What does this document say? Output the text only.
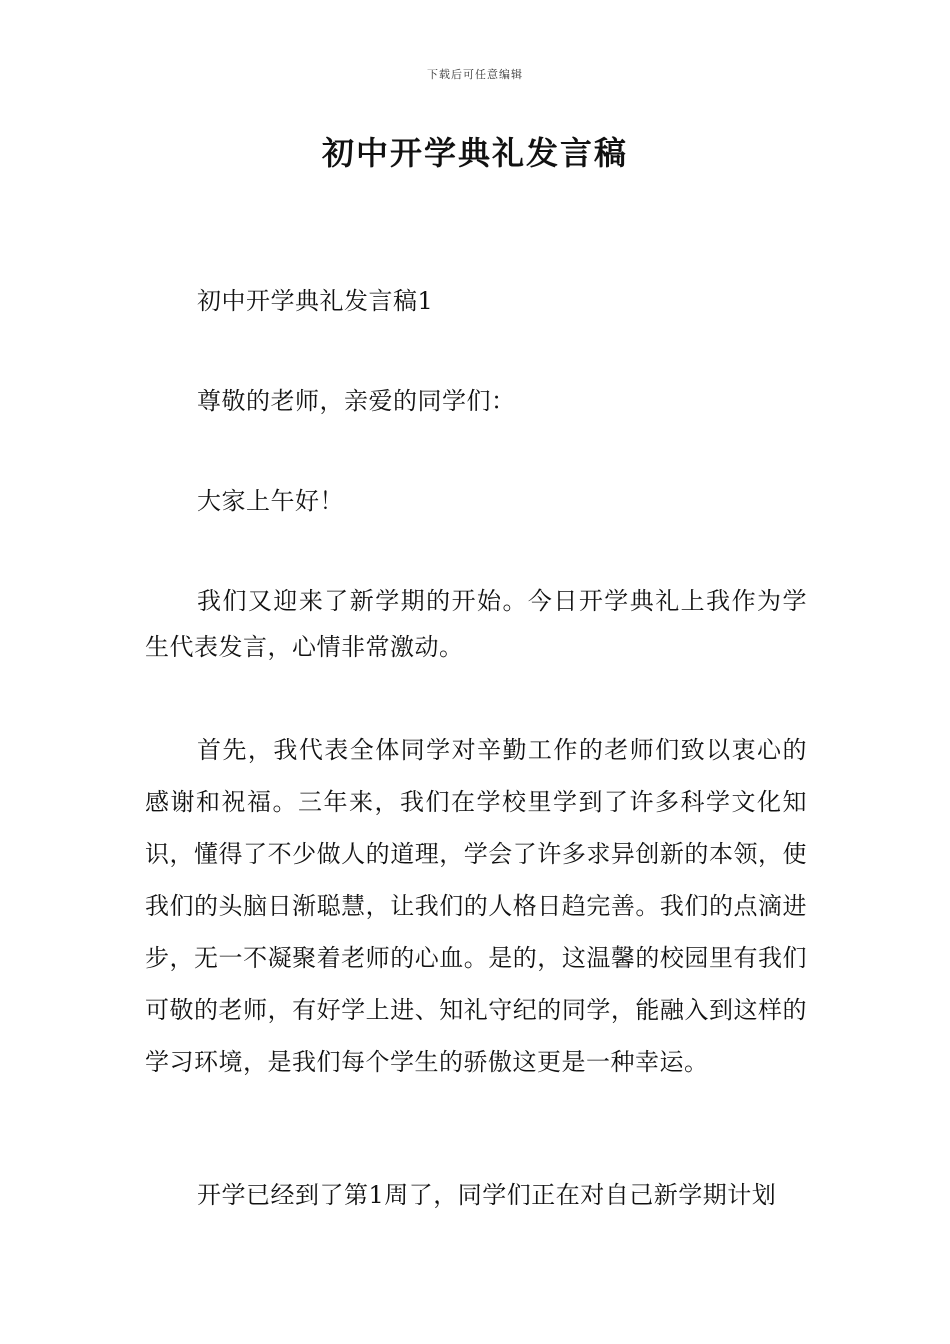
下载后可任意编辑
初中开学典礼发言稿

初中开学典礼发言稿1

尊敬的老师，亲爱的同学们：

大家上午好！

我们又迎来了新学期的开始。今日开学典礼上我作为学生代表发言，心情非常激动。

首先，我代表全体同学对辛勤工作的老师们致以衷心的感谢和祝福。三年来，我们在学校里学到了许多科学文化知识，懂得了不少做人的道理，学会了许多求异创新的本领，使我们的头脑日渐聪慧，让我们的人格日趋完善。我们的点滴进步，无一不凝聚着老师的心血。是的，这温馨的校园里有我们可敬的老师，有好学上进、知礼守纪的同学，能融入到这样的学习环境，是我们每个学生的骄傲这更是一种幸运。

开学已经到了第1周了，同学们正在对自己新学期计划
